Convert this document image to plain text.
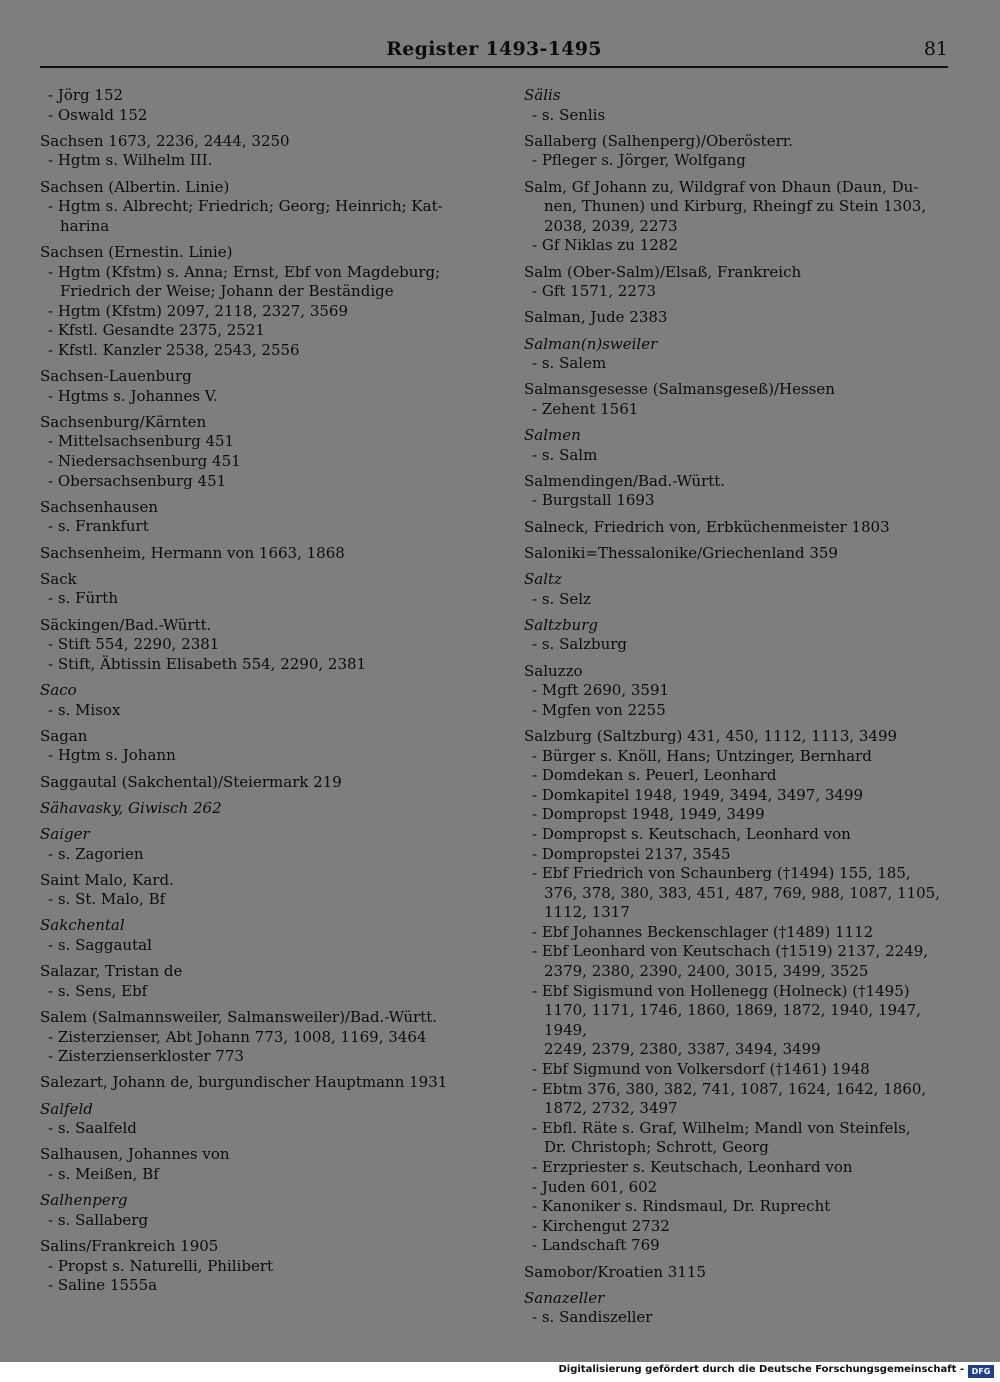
Register 1493-1495	81
- Jörg 152
- Oswald 152
Sachsen 1673, 2236, 2444, 3250
- Hgtm s. Wilhelm III.
Sachsen (Albertin. Linie)
- Hgtm s. Albrecht; Friedrich; Georg; Heinrich; Kat-
harina
Sachsen (Ernestin. Linie)
- Hgtm (Kfstm) s. Anna; Ernst, Ebf von Magdeburg;
Friedrich der Weise; Johann der Beständige
- Hgtm (Kfstm) 2097, 2118, 2327, 3569
- Kfstl. Gesandte 2375, 2521
- Kfstl. Kanzler 2538, 2543, 2556
Sachsen-Lauenburg
- Hgtms s. Johannes V.
Sachsenburg/Kärnten
- Mittelsachsenburg 451
- Niedersachsenburg 451
- Obersachsenburg 451
Sachsenhausen
- s. Frankfurt
Sachsenheim, Hermann von 1663, 1868
Sack
- s. Fürth
Säckingen/Bad.-Württ.
- Stift 554, 2290, 2381
- Stift, Äbtissin Elisabeth 554, 2290, 2381
Saco
- s. Misox
Sagan
- Hgtm s. Johann
Saggautal (Sakchental)/Steiermark 219
Sähavasky, Giwisch 262
Saiger
- s. Zagorien
Saint Malo, Kard.
- s. St. Malo, Bf
Sakchental
- s. Saggautal
Salazar, Tristan de
- s. Sens, Ebf
Salem (Salmannsweiler, Salmansweiler)/Bad.-Württ.
- Zisterzienser, Abt Johann 773, 1008, 1169, 3464
- Zisterzienserkloster 773
Salezart, Johann de, burgundischer Hauptmann 1931
Salfeld
- s. Saalfeld
Salhausen, Johannes von
- s. Meißen, Bf
Salhenperg
- s. Sallaberg
Salins/Frankreich 1905
- Propst s. Naturelli, Philibert
- Saline 1555a
Sälis
- s. Senlis
Sallaberg (Salhenperg)/Oberösterr.
- Pfleger s. Jörger, Wolfgang
Salm, Gf Johann zu, Wildgraf von Dhaun (Daun, Du-
nen, Thunen) und Kirburg, Rheingf zu Stein 1303,
2038, 2039, 2273
- Gf Niklas zu 1282
Salm (Ober-Salm)/Elsaß, Frankreich
- Gft 1571, 2273
Salman, Jude 2383
Salman(n)sweiler
- s. Salem
Salmansgesesse (Salmansgeseß)/Hessen
- Zehent 1561
Salmen
- s. Salm
Salmendingen/Bad.-Württ.
- Burgstall 1693
Salneck, Friedrich von, Erbküchenmeister 1803
Saloniki=Thessalonike/Griechenland 359
Saltz
- s. Selz
Saltzburg
- s. Salzburg
Saluzzo
- Mgft 2690, 3591
- Mgfen von 2255
Salzburg (Saltzburg) 431, 450, 1112, 1113, 3499
- Bürger s. Knöll, Hans; Untzinger, Bernhard
- Domdekan s. Peuerl, Leonhard
- Domkapitel 1948, 1949, 3494, 3497, 3499
- Dompropst 1948, 1949, 3499
- Dompropst s. Keutschach, Leonhard von
- Dompropstei 2137, 3545
- Ebf Friedrich von Schaunberg (†1494) 155, 185,
376, 378, 380, 383, 451, 487, 769, 988, 1087, 1105,
1112, 1317
- Ebf Johannes Beckenschlager (†1489) 1112
- Ebf Leonhard von Keutschach (†1519) 2137, 2249,
2379, 2380, 2390, 2400, 3015, 3499, 3525
- Ebf Sigismund von Hollenegg (Holneck) (†1495)
1170, 1171, 1746, 1860, 1869, 1872, 1940, 1947, 1949,
2249, 2379, 2380, 3387, 3494, 3499
- Ebf Sigmund von Volkersdorf (†1461) 1948
- Ebtm 376, 380, 382, 741, 1087, 1624, 1642, 1860,
1872, 2732, 3497
- Ebfl. Räte s. Graf, Wilhelm; Mandl von Steinfels,
Dr. Christoph; Schrott, Georg
- Erzpriester s. Keutschach, Leonhard von
- Juden 601, 602
- Kanoniker s. Rindsmaul, Dr. Ruprecht
- Kirchengut 2732
- Landschaft 769
Samobor/Kroatien 3115
Sanazeller
- s. Sandiszeller
Digitalisierung gefördert durch die Deutsche Forschungsgemeinschaft - DFG
